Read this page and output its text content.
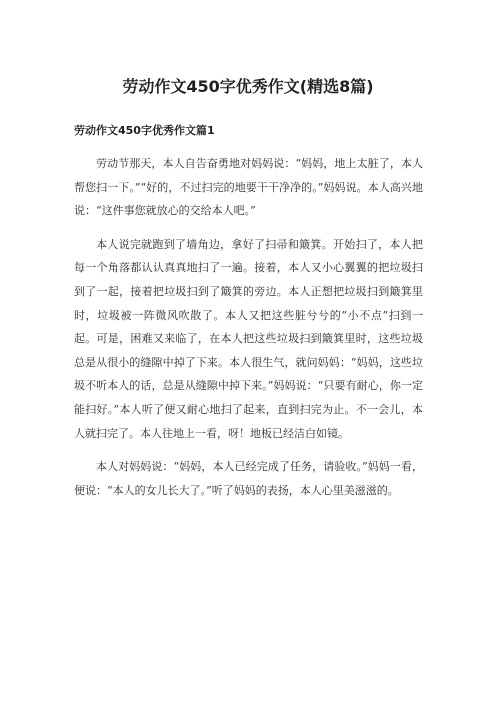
劳动作文450字优秀作文(精选8篇)
劳动作文450字优秀作文篇1

劳动节那天，本人自告奋勇地对妈妈说：“妈妈，地上太脏了，本人帮您扫一下。”“好的，不过扫完的地要干干净净的。”妈妈说。本人高兴地说：“这件事您就放心的交给本人吧。”

本人说完就跑到了墙角边，拿好了扫帚和簸箕。开始扫了，本人把每一个角落都认认真真地扫了一遍。接着，本人又小心翼翼的把垃圾扫到了一起，接着把垃圾扫到了簸箕的旁边。本人正想把垃圾扫到簸箕里时，垃圾被一阵微风吹散了。本人又把这些脏兮兮的“小不点”扫到一起。可是，困难又来临了，在本人把这些垃圾扫到簸箕里时，这些垃圾总是从很小的缝隙中掉了下来。本人很生气，就问妈妈：“妈妈，这些垃圾不听本人的话，总是从缝隙中掉下来。”妈妈说：“只要有耐心，你一定能扫好。”本人听了便又耐心地扫了起来，直到扫完为止。不一会儿，本人就扫完了。本人往地上一看，呀！地板已经洁白如镜。

本人对妈妈说：“妈妈，本人已经完成了任务，请验收。”妈妈一看，便说：“本人的女儿长大了。”听了妈妈的表扬，本人心里美滋滋的。
